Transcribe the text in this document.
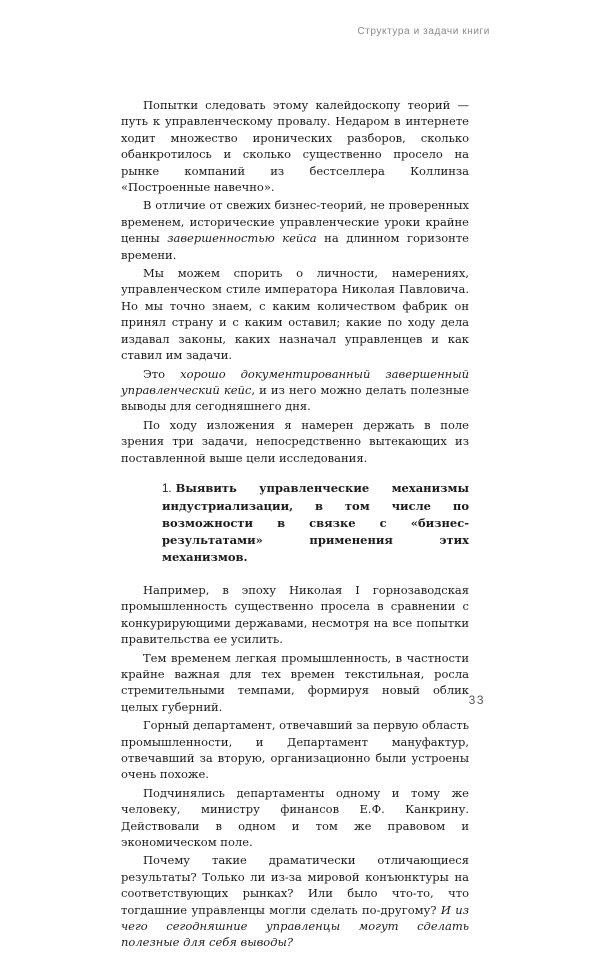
Структура и задачи книги

Попытки следовать этому калейдоскопу теорий — путь к управленческому провалу. Недаром в интернете ходит множество иронических разборов, сколько обанкротилось и сколько существенно просело на рынке компаний из бестселлера Коллинза «Построенные навечно».

В отличие от свежих бизнес-теорий, не проверенных временем, исторические управленческие уроки крайне ценны завершенностью кейса на длинном горизонте времени.

Мы можем спорить о личности, намерениях, управленческом стиле императора Николая Павловича. Но мы точно знаем, с каким количеством фабрик он принял страну и с каким оставил; какие по ходу дела издавал законы, каких назначал управленцев и как ставил им задачи.

Это хорошо документированный завершенный управленческий кейс, и из него можно делать полезные выводы для сегодняшнего дня.

По ходу изложения я намерен держать в поле зрения три задачи, непосредственно вытекающих из поставленной выше цели исследования.

1. Выявить управленческие механизмы индустриализации, в том числе по возможности в связке с «бизнес-результатами» применения этих механизмов.

Например, в эпоху Николая I горнозаводская промышленность существенно просела в сравнении с конкурирующими державами, несмотря на все попытки правительства ее усилить.

Тем временем легкая промышленность, в частности крайне важная для тех времен текстильная, росла стремительными темпами, формируя новый облик целых губерний.

Горный департамент, отвечавший за первую область промышленности, и Департамент мануфактур, отвечавший за вторую, организационно были устроены очень похоже.

Подчинялись департаменты одному и тому же человеку, министру финансов Е.Ф. Канкрину. Действовали в одном и том же правовом и экономическом поле.

Почему такие драматически отличающиеся результаты? Только ли из-за мировой конъюнктуры на соответствующих рынках? Или было что-то, что тогдашние управленцы могли сделать по-другому? И из чего сегодняшние управленцы могут сделать полезные для себя выводы?

33
